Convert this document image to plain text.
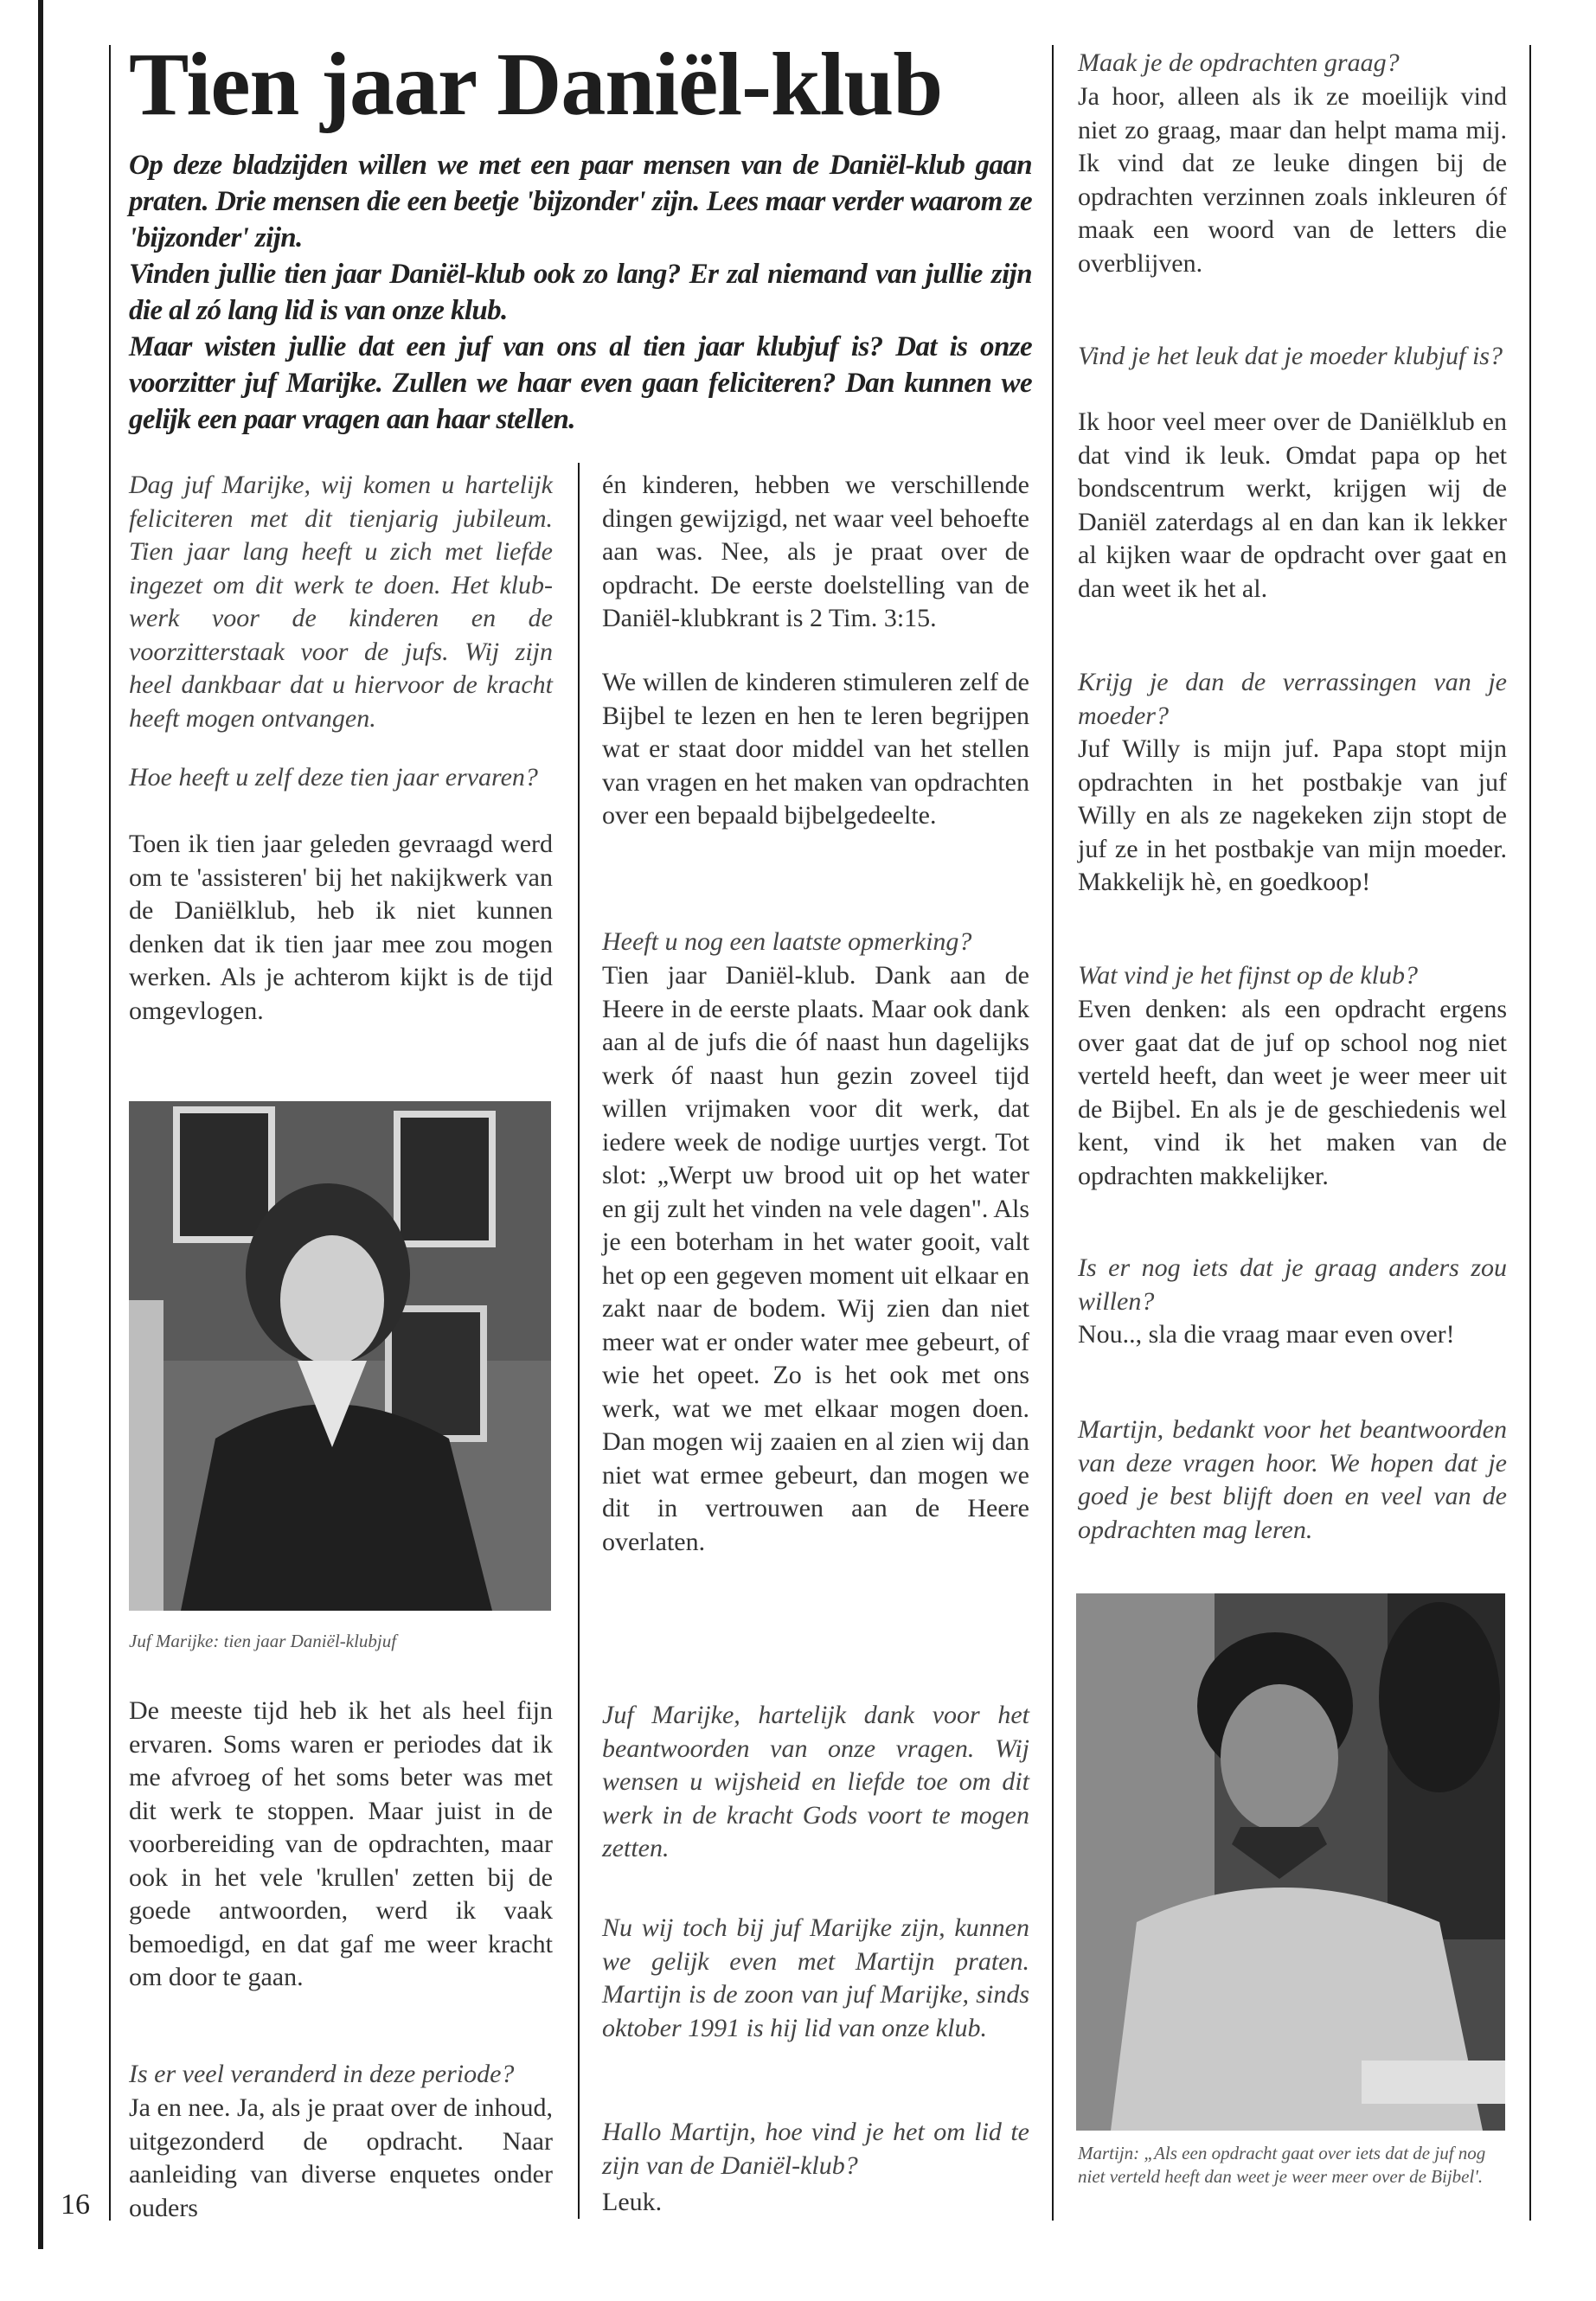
Tien jaar Daniël-klub

Op deze bladzijden willen we met een paar mensen van de Daniël-klub gaan praten. Drie mensen die een beetje 'bijzonder' zijn. Lees maar verder waarom ze 'bijzonder' zijn.

Vinden jullie tien jaar Daniël-klub ook zo lang? Er zal niemand van jullie zijn die al zó lang lid is van onze klub.

Maar wisten jullie dat een juf van ons al tien jaar klubjuf is? Dat is onze voorzitter juf Marijke. Zullen we haar even gaan feliciteren? Dan kunnen we gelijk een paar vragen aan haar stellen.

Dag juf Marijke, wij komen u hartelijk feliciteren met dit tienjarig jubileum. Tien jaar lang heeft u zich met liefde ingezet om dit werk te doen. Het klub-werk voor de kinderen en de voorzitterstaak voor de jufs. Wij zijn heel dankbaar dat u hiervoor de kracht heeft mogen ontvangen.

Hoe heeft u zelf deze tien jaar ervaren?

Toen ik tien jaar geleden gevraagd werd om te 'assisteren' bij het nakijkwerk van de Daniëlklub, heb ik niet kunnen denken dat ik tien jaar mee zou mogen werken. Als je achterom kijkt is de tijd omgevlogen.

Juf Marijke: tien jaar Daniël-klubjuf

De meeste tijd heb ik het als heel fijn ervaren. Soms waren er periodes dat ik me afvroeg of het soms beter was met dit werk te stoppen. Maar juist in de voorbereiding van de opdrachten, maar ook in het vele 'krullen' zetten bij de goede antwoorden, werd ik vaak bemoedigd, en dat gaf me weer kracht om door te gaan.

Is er veel veranderd in deze periode?

Ja en nee. Ja, als je praat over de inhoud, uitgezonderd de opdracht. Naar aanleiding van diverse enquetes onder ouders

16

én kinderen, hebben we verschillende dingen gewijzigd, net waar veel behoefte aan was. Nee, als je praat over de opdracht. De eerste doelstelling van de Daniël-klubkrant is 2 Tim. 3:15.

We willen de kinderen stimuleren zelf de Bijbel te lezen en hen te leren begrijpen wat er staat door middel van het stellen van vragen en het maken van opdrachten over een bepaald bijbelgedeelte.

Heeft u nog een laatste opmerking?

Tien jaar Daniël-klub. Dank aan de Heere in de eerste plaats. Maar ook dank aan al de jufs die óf naast hun dagelijks werk óf naast hun gezin zoveel tijd willen vrijmaken voor dit werk, dat iedere week de nodige uurtjes vergt. Tot slot: „Werpt uw brood uit op het water en gij zult het vinden na vele dagen". Als je een boterham in het water gooit, valt het op een gegeven moment uit elkaar en zakt naar de bodem. Wij zien dan niet meer wat er onder water mee gebeurt, of wie het opeet. Zo is het ook met ons werk, wat we met elkaar mogen doen. Dan mogen wij zaaien en al zien wij dan niet wat ermee gebeurt, dan mogen we dit in vertrouwen aan de Heere overlaten.

Juf Marijke, hartelijk dank voor het beantwoorden van onze vragen. Wij wensen u wijsheid en liefde toe om dit werk in de kracht Gods voort te mogen zetten.

Nu wij toch bij juf Marijke zijn, kunnen we gelijk even met Martijn praten. Martijn is de zoon van juf Marijke, sinds oktober 1991 is hij lid van onze klub.

Hallo Martijn, hoe vind je het om lid te zijn van de Daniël-klub?

Leuk.

Maak je de opdrachten graag?

Ja hoor, alleen als ik ze moeilijk vind niet zo graag, maar dan helpt mama mij. Ik vind dat ze leuke dingen bij de opdrachten verzinnen zoals inkleuren óf maak een woord van de letters die overblijven.

Vind je het leuk dat je moeder klubjuf is?

Ik hoor veel meer over de Daniëlklub en dat vind ik leuk. Omdat papa op het bondscentrum werkt, krijgen wij de Daniël zaterdags al en dan kan ik lekker al kijken waar de opdracht over gaat en dan weet ik het al.

Krijg je dan de verrassingen van je moeder?

Juf Willy is mijn juf. Papa stopt mijn opdrachten in het postbakje van juf Willy en als ze nagekeken zijn stopt de juf ze in het postbakje van mijn moeder. Makkelijk hè, en goedkoop!

Wat vind je het fijnst op de klub?

Even denken: als een opdracht ergens over gaat dat de juf op school nog niet verteld heeft, dan weet je weer meer uit de Bijbel. En als je de geschiedenis wel kent, vind ik het maken van de opdrachten makkelijker.

Is er nog iets dat je graag anders zou willen?

Nou.., sla die vraag maar even over!

Martijn, bedankt voor het beantwoorden van deze vragen hoor. We hopen dat je goed je best blijft doen en veel van de opdrachten mag leren.

Martijn: „Als een opdracht gaat over iets dat de juf nog niet verteld heeft dan weet je weer meer over de Bijbel'.
